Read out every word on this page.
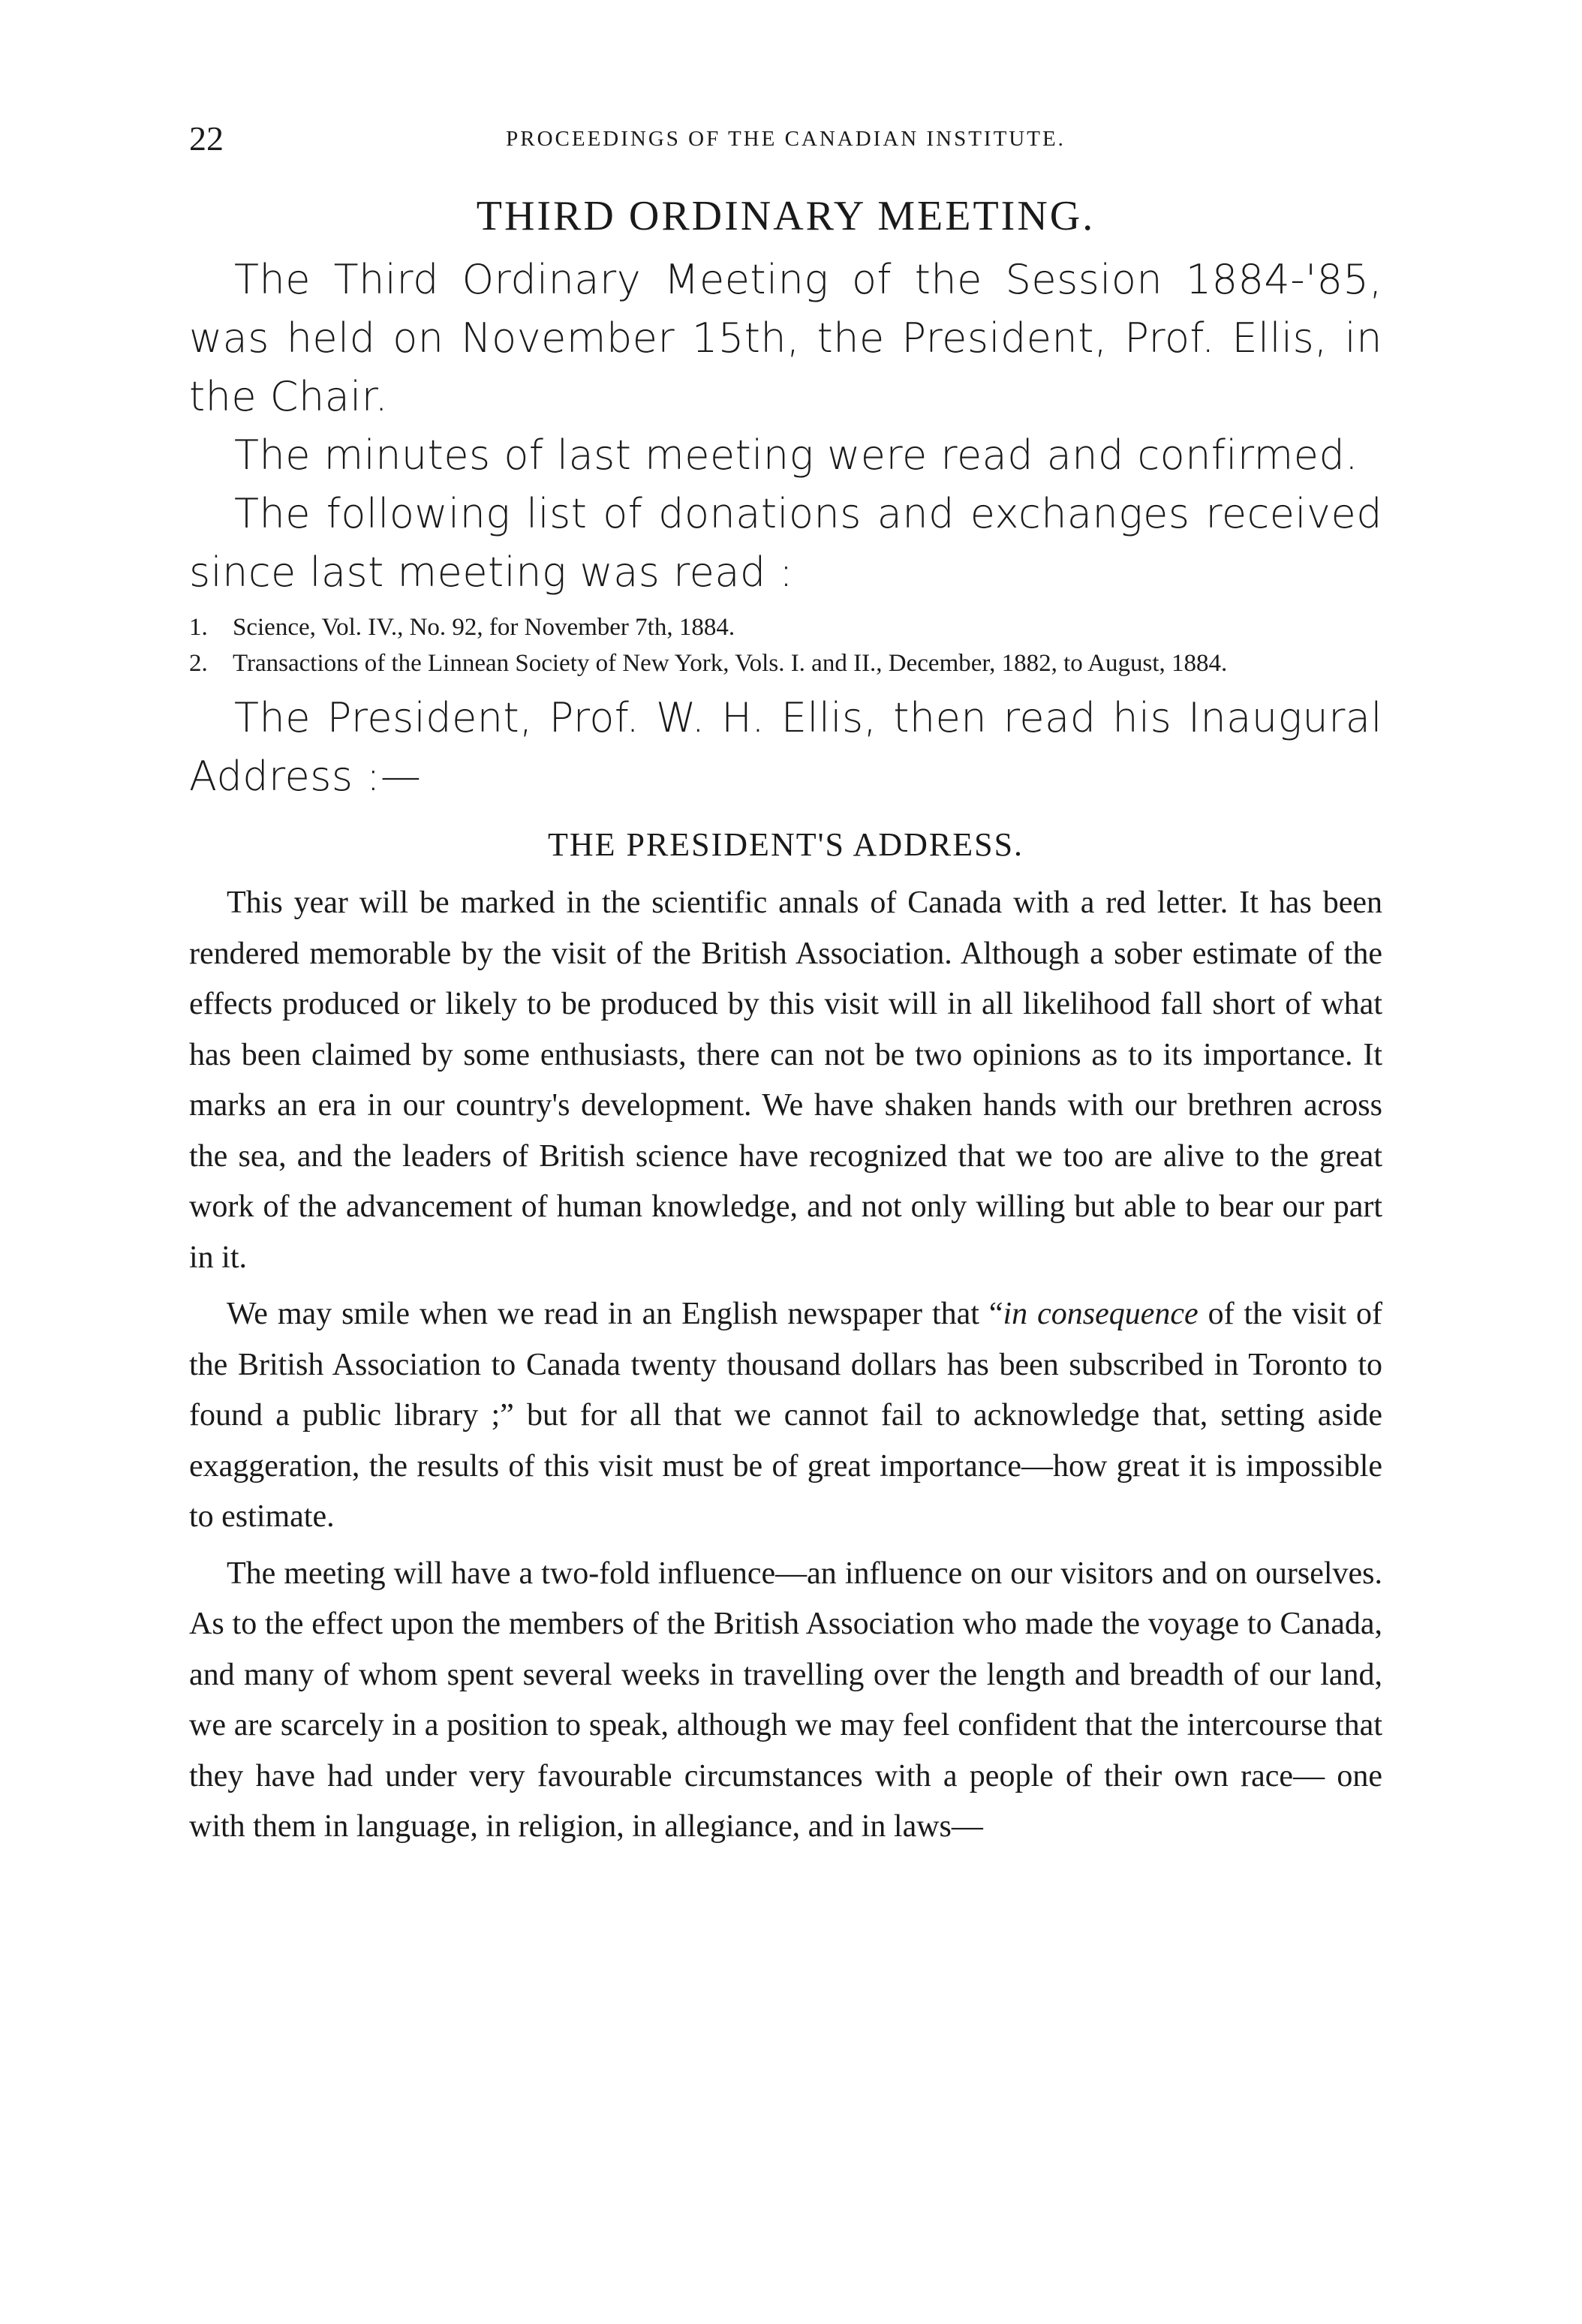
22	PROCEEDINGS OF THE CANADIAN INSTITUTE.
THIRD ORDINARY MEETING.

The Third Ordinary Meeting of the Session 1884-'85, was held on November 15th, the President, Prof. Ellis, in the Chair.

The minutes of last meeting were read and confirmed.

The following list of donations and exchanges received since last meeting was read :

1.	Science, Vol. IV., No. 92, for November 7th, 1884.
2.	Transactions of the Linnean Society of New York, Vols. I. and II., December, 1882, to August, 1884.

The President, Prof. W. H. Ellis, then read his Inaugural Address :—

THE PRESIDENT'S ADDRESS.

This year will be marked in the scientific annals of Canada with a red letter. It has been rendered memorable by the visit of the British Association. Although a sober estimate of the effects produced or likely to be produced by this visit will in all likelihood fall short of what has been claimed by some enthusiasts, there can not be two opinions as to its importance. It marks an era in our country's development. We have shaken hands with our brethren across the sea, and the leaders of British science have recognized that we too are alive to the great work of the advancement of human knowledge, and not only willing but able to bear our part in it.

We may smile when we read in an English newspaper that “in consequence of the visit of the British Association to Canada twenty thousand dollars has been subscribed in Toronto to found a public library ;” but for all that we cannot fail to acknowledge that, setting aside exaggeration, the results of this visit must be of great importance—how great it is impossible to estimate.

The meeting will have a two-fold influence—an influence on our visitors and on ourselves. As to the effect upon the members of the British Association who made the voyage to Canada, and many of whom spent several weeks in travelling over the length and breadth of our land, we are scarcely in a position to speak, although we may feel confident that the intercourse that they have had under very favourable circumstances with a people of their own race— one with them in language, in religion, in allegiance, and in laws—
